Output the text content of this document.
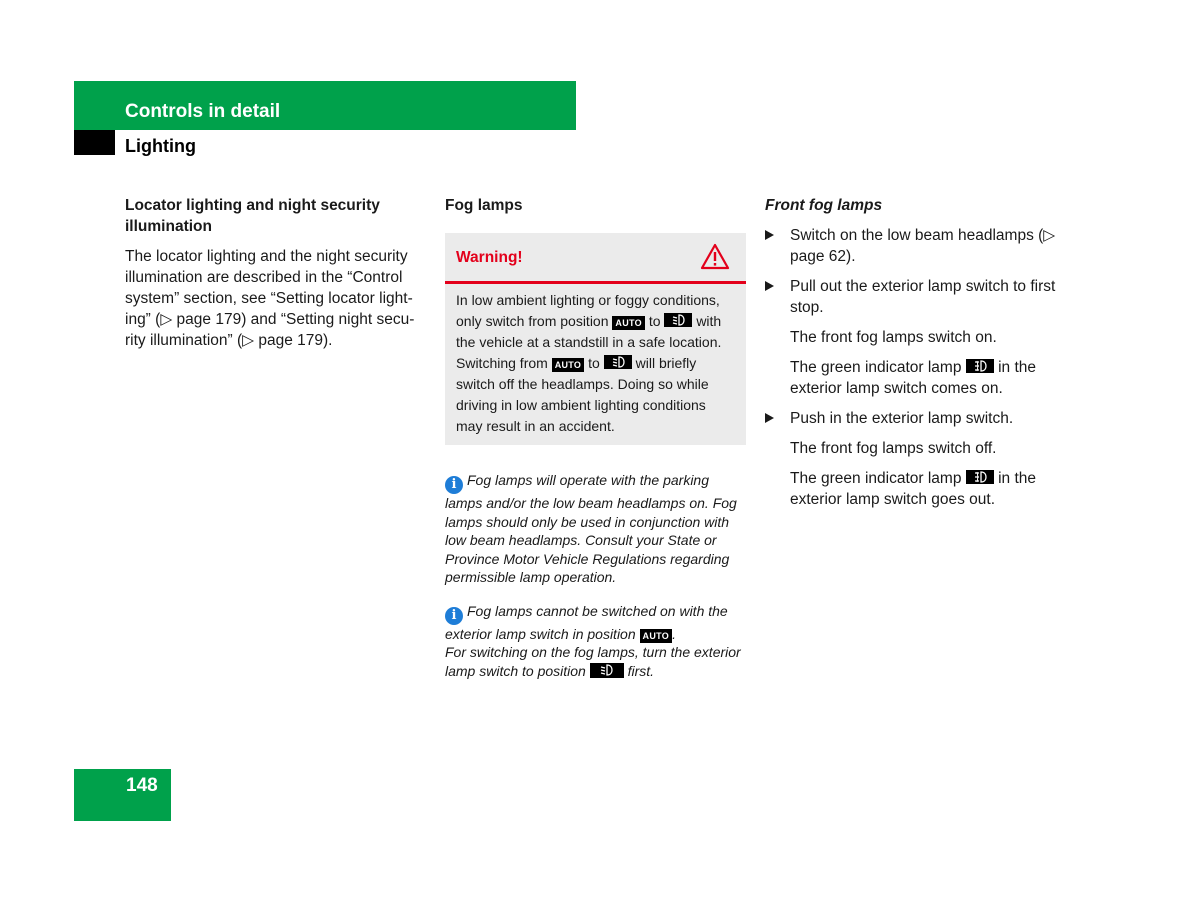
Controls in detail
Lighting
Locator lighting and night security illumination

The locator lighting and the night security illumination are described in the “Control system” section, see “Setting locator light-ing” (▷ page 179) and “Setting night secu-rity illumination” (▷ page 179).

Fog lamps
Warning!
In low ambient lighting or foggy conditions, only switch from position AUTO to	with the vehicle at a standstill in a safe location. Switching from AUTO to	will briefly switch off the headlamps. Doing so while driving in low ambient lighting conditions may result in an accident.
i Fog lamps will operate with the parking lamps and/or the low beam headlamps on. Fog lamps should only be used in conjunction with low beam headlamps. Consult your State or Province Motor Vehicle Regulations regarding permissible lamp operation.
i Fog lamps cannot be switched on with the exterior lamp switch in position AUTO .
For switching on the fog lamps, turn the exterior lamp switch to position	first.
Front fog lamps
Switch on the low beam headlamps (▷ page 62).
Pull out the exterior lamp switch to first stop.
The front fog lamps switch on.
The green indicator lamp in the exterior lamp switch comes on.
Push in the exterior lamp switch.
The front fog lamps switch off.
The green indicator lamp in the exterior lamp switch goes out.
148
